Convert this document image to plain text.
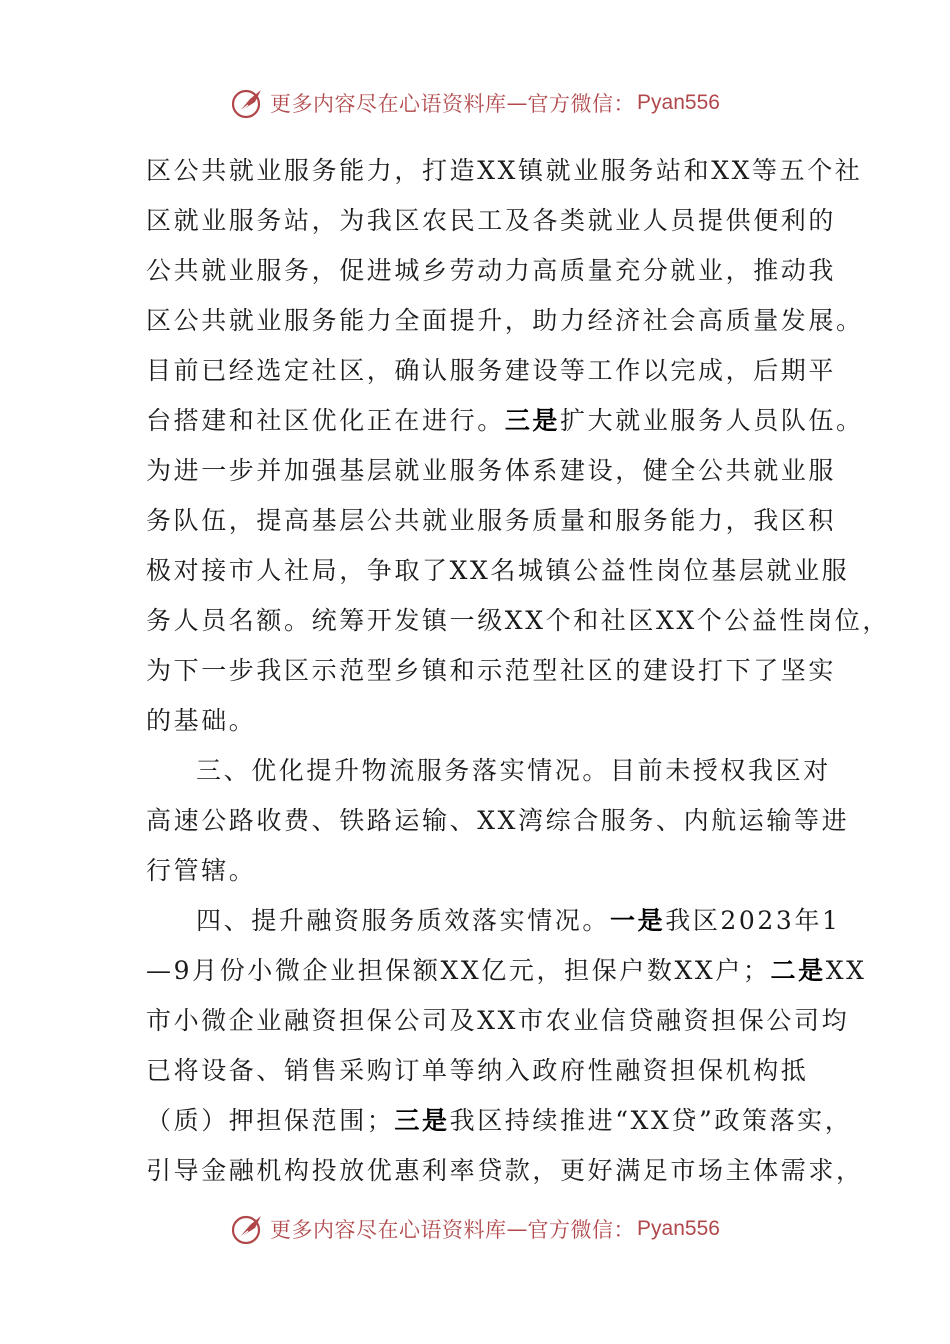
更多内容尽在心语资料库 — 官方微信： Pyan556
区公共就业服务能力，打造XX镇就业服务站和XX等五个社
区就业服务站，为我区农民工及各类就业人员提供便利的
公共就业服务，促进城乡劳动力高质量充分就业，推动我
区公共就业服务能力全面提升，助力经济社会高质量发展。
目前已经选定社区，确认服务建设等工作以完成，后期平
台搭建和社区优化正在进行。三是扩大就业服务人员队伍。
为进一步并加强基层就业服务体系建设，健全公共就业服
务队伍，提高基层公共就业服务质量和服务能力，我区积
极对接市人社局，争取了XX名城镇公益性岗位基层就业服
务人员名额。统筹开发镇一级XX个和社区XX个公益性岗位，
为下一步我区示范型乡镇和示范型社区的建设打下了坚实
的基础。
三、优化提升物流服务落实情况。目前未授权我区对
高速公路收费、铁路运输、XX湾综合服务、内航运输等进
行管辖。
四、提升融资服务质效落实情况。一是我区2023年1
—9月份小微企业担保额XX亿元，担保户数XX户；二是XX
市小微企业融资担保公司及XX市农业信贷融资担保公司均
已将设备、销售采购订单等纳入政府性融资担保机构抵
（质）押担保范围；三是我区持续推进“XX贷”政策落实，
引导金融机构投放优惠利率贷款，更好满足市场主体需求，
更多内容尽在心语资料库 — 官方微信： Pyan556
